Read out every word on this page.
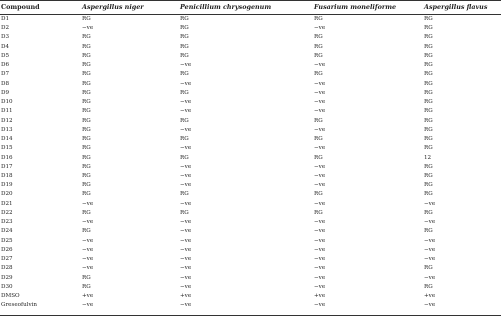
Compound	Aspergillus niger	Penicillium chrysogenum	Fusarium moneliforme	Aspergillus flavus
D1	RG	RG	RG	RG
D2	−ve	RG	−ve	RG
D3	RG	RG	RG	RG
D4	RG	RG	RG	RG
D5	RG	RG	RG	RG
D6	RG	−ve	−ve	RG
D7	RG	RG	RG	RG
D8	RG	−ve	−ve	RG
D9	RG	RG	−ve	RG
D10	RG	−ve	−ve	RG
D11	RG	−ve	−ve	RG
D12	RG	RG	RG	RG
D13	RG	−ve	−ve	RG
D14	RG	RG	RG	RG
D15	RG	−ve	−ve	RG
D16	RG	RG	RG	12
D17	RG	−ve	−ve	RG
D18	RG	−ve	−ve	RG
D19	RG	−ve	−ve	RG
D20	RG	RG	RG	RG
D21	−ve	−ve	−ve	−ve
D22	RG	RG	RG	RG
D23	−ve	−ve	−ve	−ve
D24	RG	−ve	−ve	RG
D25	−ve	−ve	−ve	−ve
D26	−ve	−ve	−ve	−ve
D27	−ve	−ve	−ve	−ve
D28	−ve	−ve	−ve	RG
D29	RG	−ve	−ve	−ve
D30	RG	−ve	−ve	RG
DMSO	+ve	+ve	+ve	+ve
Greseofulvin	−ve	−ve	−ve	−ve
